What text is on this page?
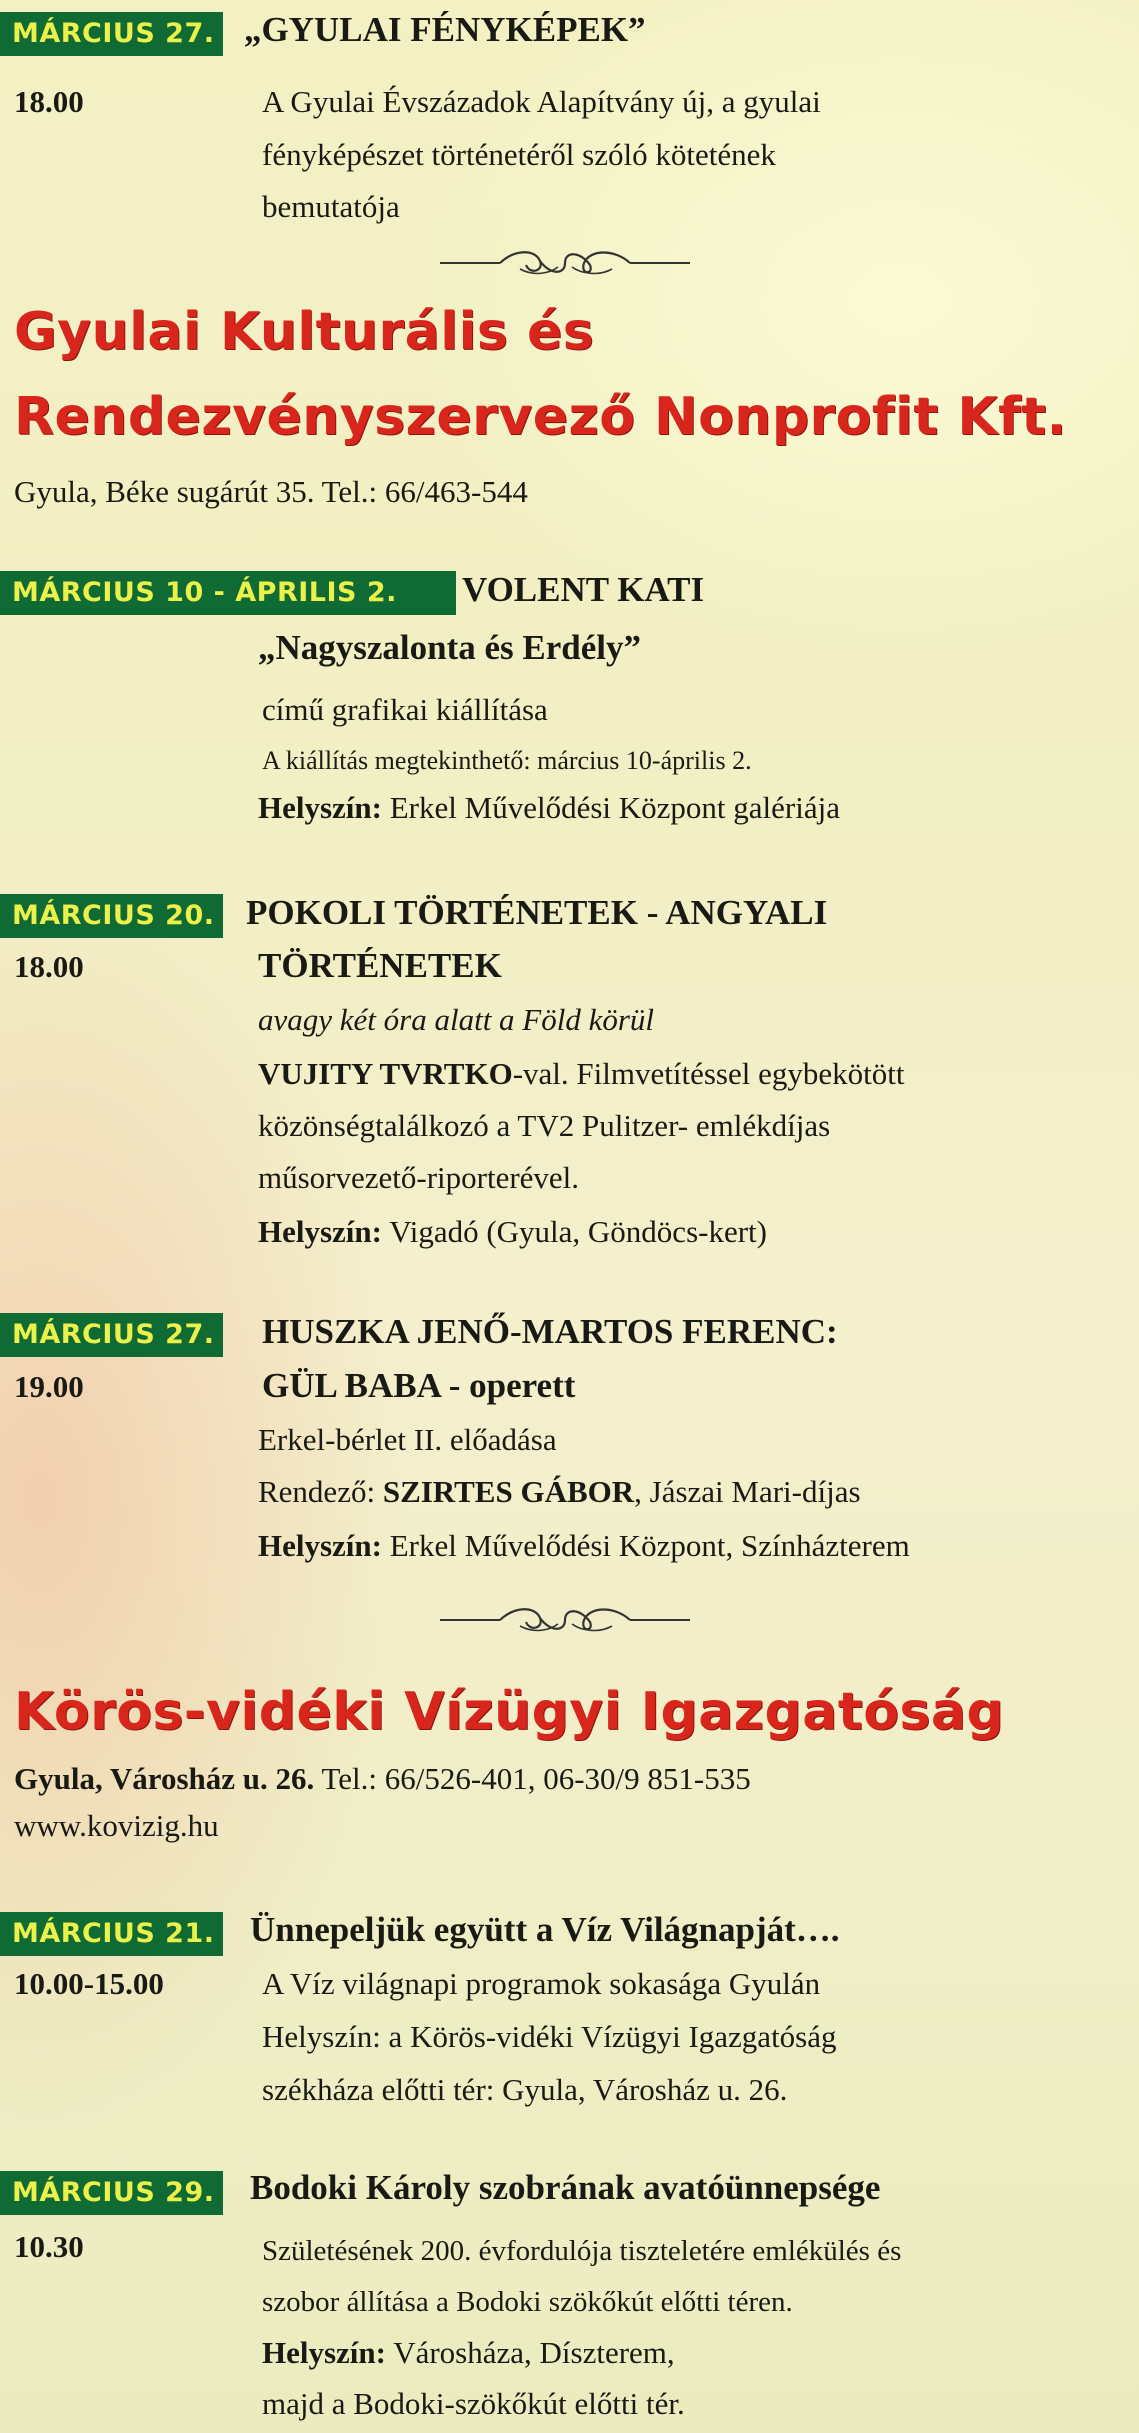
MÁRCIUS 27. „GYULAI FÉNYKÉPEK”
18.00	A Gyulai Évszázadok Alapítvány új, a gyulai
fényképészet történetéről szóló kötetének
bemutatója
Gyulai Kulturális és
Rendezvényszervező Nonprofit Kft.
Gyula, Béke sugárút 35. Tel.: 66/463-544
MÁRCIUS 10 - ÁPRILIS 2.	VOLENT KATI
„Nagyszalonta és Erdély”
című grafikai kiállítása
A kiállítás megtekinthető: március 10-április 2.
Helyszín: Erkel Művelődési Központ galériája
MÁRCIUS 20. POKOLI TÖRTÉNETEK - ANGYALI
18.00	TÖRTÉNETEK
avagy két óra alatt a Föld körül
VUJITY TVRTKO-val. Filmvetítéssel egybekötött
közönségtalálkozó a TV2 Pulitzer- emlékdíjas
műsorvezető-riporterével.
Helyszín: Vigadó (Gyula, Göndöcs-kert)
MÁRCIUS 27. HUSZKA JENŐ-MARTOS FERENC:
19.00	GÜL BABA - operett
Erkel-bérlet II. előadása
Rendező: SZIRTES GÁBOR, Jászai Mari-díjas
Helyszín: Erkel Művelődési Központ, Színházterem
Körös-vidéki Vízügyi Igazgatóság
Gyula, Városház u. 26. Tel.: 66/526-401, 06-30/9 851-535
www.kovizig.hu
MÁRCIUS 21. Ünnepeljük együtt a Víz Világnapját….
10.00-15.00	A Víz világnapi programok sokasága Gyulán
Helyszín: a Körös-vidéki Vízügyi Igazgatóság
székháza előtti tér: Gyula, Városház u. 26.
MÁRCIUS 29. Bodoki Károly szobrának avatóünnepsége
10.30	Születésének 200. évfordulója tiszteletére emlékülés és
szobor állítása a Bodoki szökőkút előtti téren.
Helyszín: Városháza, Díszterem,
majd a Bodoki-szökőkút előtti tér.
